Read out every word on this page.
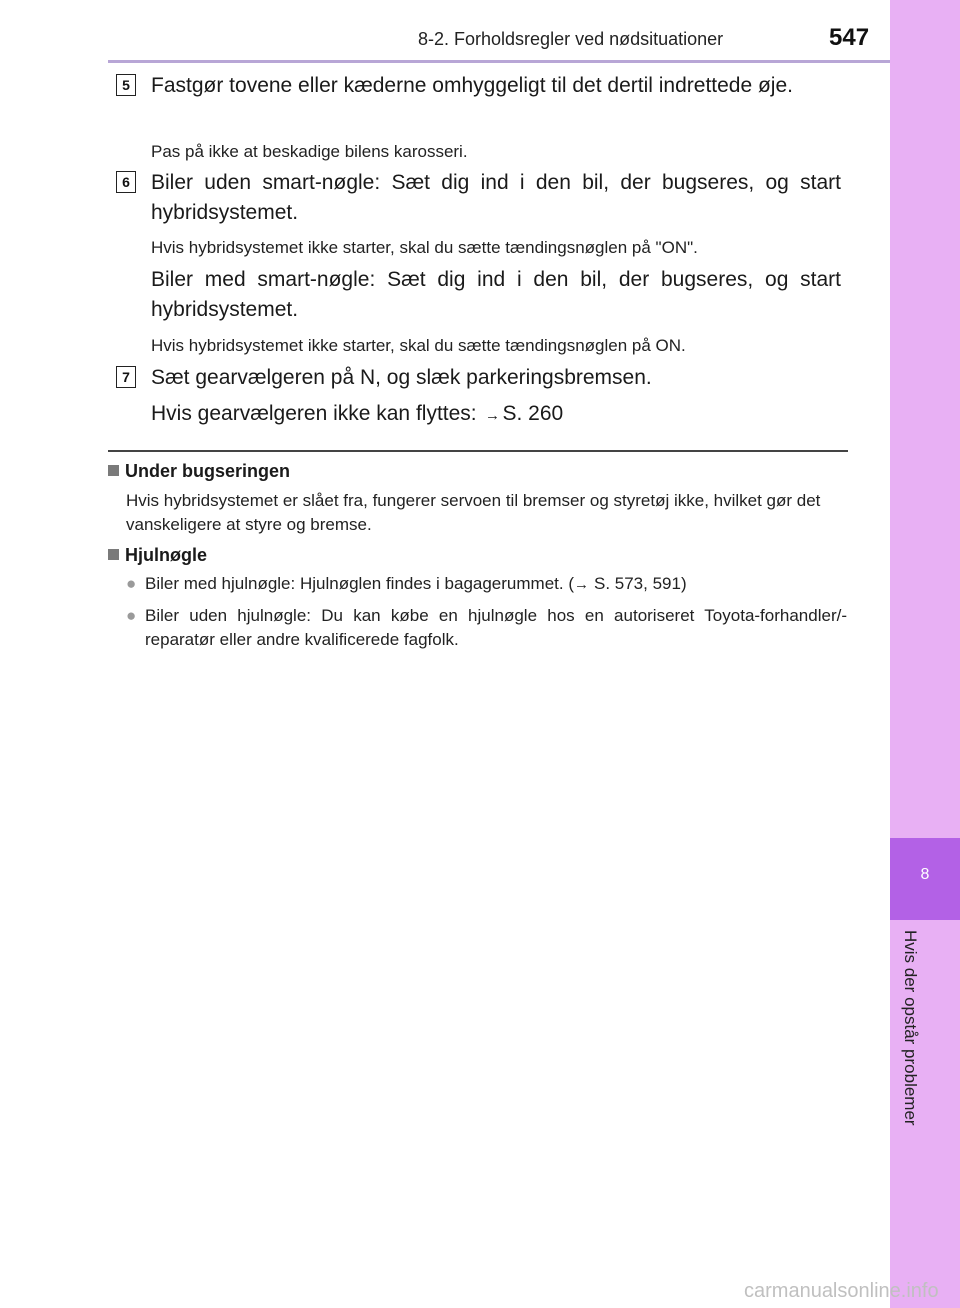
8-2. Forholdsregler ved nødsituationer	547
8
Hvis der opstår problemer
5 Fastgør tovene eller kæderne omhyggeligt til det dertil indrettede øje.
Pas på ikke at beskadige bilens karosseri.
6 Biler uden smart-nøgle: Sæt dig ind i den bil, der bugseres, og start hybridsystemet.
Hvis hybridsystemet ikke starter, skal du sætte tændingsnøglen på "ON".
Biler med smart-nøgle: Sæt dig ind i den bil, der bugseres, og start hybridsystemet.
Hvis hybridsystemet ikke starter, skal du sætte tændingsnøglen på ON.
7 Sæt gearvælgeren på N, og slæk parkeringsbremsen.
Hvis gearvælgeren ikke kan flyttes: → S. 260
Under bugseringen
Hvis hybridsystemet er slået fra, fungerer servoen til bremser og styretøj ikke, hvilket gør det vanskeligere at styre og bremse.
Hjulnøgle
● Biler med hjulnøgle: Hjulnøglen findes i bagagerummet. (→ S. 573, 591)
● Biler uden hjulnøgle: Du kan købe en hjulnøgle hos en autoriseret Toyota-forhandler/-reparatør eller andre kvalificerede fagfolk.
carmanualsonline.info
